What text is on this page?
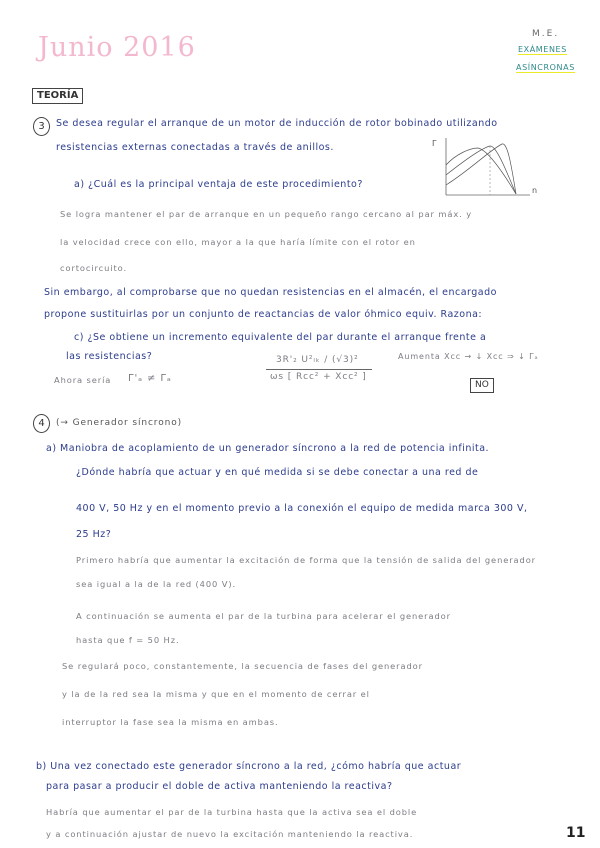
Junio 2016	M.E.
EXÁMENES
ASÍNCRONAS
TEORÍA
3	Se desea regular el arranque de un motor de inducción de rotor bobinado utilizando
resistencias externas conectadas a través de anillos.	Γ
n
a) ¿Cuál es la principal ventaja de este procedimiento?
Se logra mantener el par de arranque en un pequeño rango cercano al par máx. y
la velocidad crece con ello, mayor a la que haría límite con el rotor en
cortocircuito.
Sin embargo, al comprobarse que no quedan resistencias en el almacén, el encargado
propone sustituirlas por un conjunto de reactancias de valor óhmico equiv. Razona:
c) ¿Se obtiene un incremento equivalente del par durante el arranque frente a
las resistencias?
Ahora sería Γ'ₐ ≠ Γₐ
3R'₂ U²ₗₖ / (√3)²
ωs [ Rcc² + Xcc² ]
Aumenta Xcc → ↓ Xcc ⇒ ↓ Γₐ
NO
4	(→ Generador síncrono)
a) Maniobra de acoplamiento de un generador síncrono a la red de potencia infinita.
¿Dónde habría que actuar y en qué medida si se debe conectar a una red de
400 V, 50 Hz y en el momento previo a la conexión el equipo de medida marca 300 V,
25 Hz?
Primero habría que aumentar la excitación de forma que la tensión de salida del generador
sea igual a la de la red (400 V).
A continuación se aumenta el par de la turbina para acelerar el generador
hasta que f = 50 Hz.
Se regulará poco, constantemente, la secuencia de fases del generador
y la de la red sea la misma y que en el momento de cerrar el
interruptor la fase sea la misma en ambas.
b) Una vez conectado este generador síncrono a la red, ¿cómo habría que actuar
para pasar a producir el doble de activa manteniendo la reactiva?
Habría que aumentar el par de la turbina hasta que la activa sea el doble
y a continuación ajustar de nuevo la excitación manteniendo la reactiva.	11
